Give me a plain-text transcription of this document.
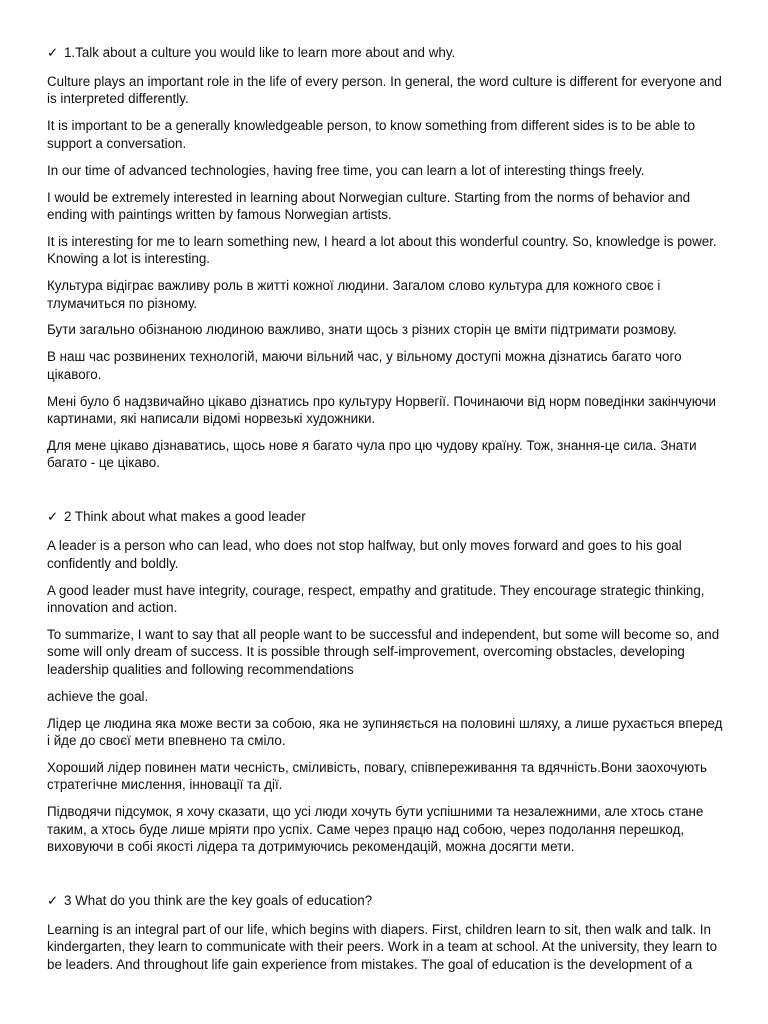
✓ 1.Talk about a culture you would like to learn more about and why.

Culture plays an important role in the life of every person. In general, the word culture is different for everyone and is interpreted differently.

It is important to be a generally knowledgeable person, to know something from different sides is to be able to support a conversation.

In our time of advanced technologies, having free time, you can learn a lot of interesting things freely.

I would be extremely interested in learning about Norwegian culture. Starting from the norms of behavior and ending with paintings written by famous Norwegian artists.

It is interesting for me to learn something new, I heard a lot about this wonderful country. So, knowledge is power. Knowing a lot is interesting.

Культура відіграє важливу роль в житті кожної людини. Загалом слово культура для кожного своє і тлумачиться по різному.

Бути загально обізнаною людиною важливо, знати щось з різних сторін це вміти підтримати розмову.

В наш час розвинених технологій, маючи вільний час, у вільному доступі можна дізнатись багато чого цікавого.

Мені було б надзвичайно цікаво дізнатись про культуру Норвегії. Починаючи від норм поведінки закінчуючи картинами, які написали відомі норвезькі художники.

Для мене цікаво дізнаватись, щось нове я багато чула про цю чудову країну. Тож, знання-це сила. Знати багато - це цікаво.

✓ 2 Think about what makes a good leader

A leader is a person who can lead, who does not stop halfway, but only moves forward and goes to his goal confidently and boldly.

A good leader must have integrity, courage, respect, empathy and gratitude. They encourage strategic thinking, innovation and action.

To summarize, I want to say that all people want to be successful and independent, but some will become so, and some will only dream of success. It is possible through self-improvement, overcoming obstacles, developing leadership qualities and following recommendations

achieve the goal.

Лідер це людина яка може вести за собою, яка не зупиняється на половині шляху, а лише рухається вперед і йде до своєї мети впевнено та сміло.

Хороший лідер повинен мати чесність, сміливість, повагу, співпереживання та вдячність.Вони заохочують стратегічне мислення, інновації та дії.

Підводячи підсумок, я хочу сказати, що усі люди хочуть бути успішними та незалежними, але хтось стане таким, а хтось буде лише мріяти про успіх. Саме через працю над собою, через подолання перешкод, виховуючи в собі якості лідера та дотримуючись рекомендацій, можна досягти мети.

✓ 3 What do you think are the key goals of education?

Learning is an integral part of our life, which begins with diapers. First, children learn to sit, then walk and talk. In kindergarten, they learn to communicate with their peers. Work in a team at school. At the university, they learn to be leaders. And throughout life gain experience from mistakes. The goal of education is the development of a
